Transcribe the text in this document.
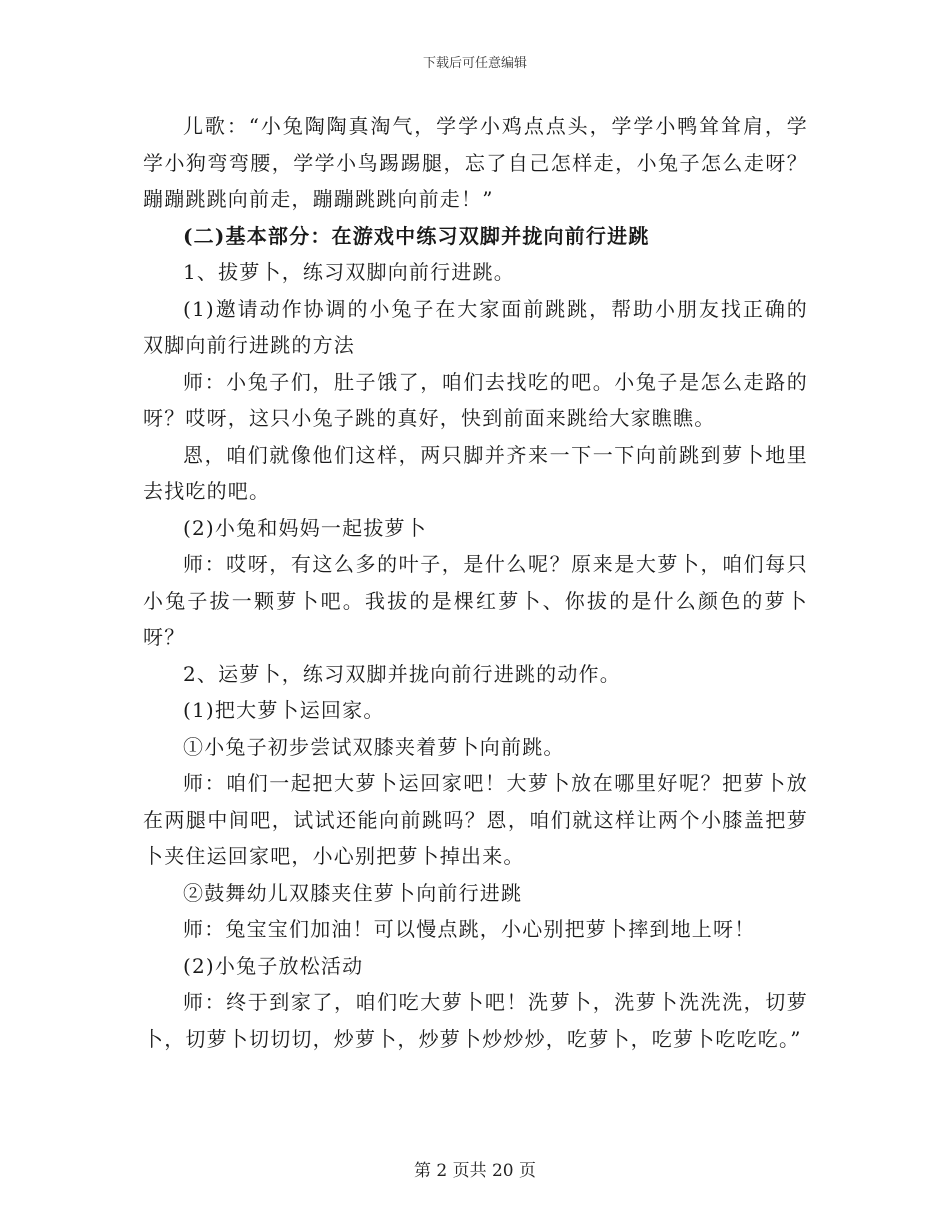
下载后可任意编辑

儿歌：“小兔陶陶真淘气，学学小鸡点点头，学学小鸭耸耸肩，学学小狗弯弯腰，学学小鸟踢踢腿，忘了自己怎样走，小兔子怎么走呀？蹦蹦跳跳向前走，蹦蹦跳跳向前走！”

(二)基本部分：在游戏中练习双脚并拢向前行进跳

1、拔萝卜，练习双脚向前行进跳。

(1)邀请动作协调的小兔子在大家面前跳跳，帮助小朋友找正确的双脚向前行进跳的方法

师：小兔子们，肚子饿了，咱们去找吃的吧。小兔子是怎么走路的呀？哎呀，这只小兔子跳的真好，快到前面来跳给大家瞧瞧。

恩，咱们就像他们这样，两只脚并齐来一下一下向前跳到萝卜地里去找吃的吧。

(2)小兔和妈妈一起拔萝卜

师：哎呀，有这么多的叶子，是什么呢？原来是大萝卜，咱们每只小兔子拔一颗萝卜吧。我拔的是棵红萝卜、你拔的是什么颜色的萝卜呀？

2、运萝卜，练习双脚并拢向前行进跳的动作。

(1)把大萝卜运回家。

①小兔子初步尝试双膝夹着萝卜向前跳。

师：咱们一起把大萝卜运回家吧！大萝卜放在哪里好呢？把萝卜放在两腿中间吧，试试还能向前跳吗？恩，咱们就这样让两个小膝盖把萝卜夹住运回家吧，小心别把萝卜掉出来。

②鼓舞幼儿双膝夹住萝卜向前行进跳

师：兔宝宝们加油！可以慢点跳，小心别把萝卜摔到地上呀！

(2)小兔子放松活动

师：终于到家了，咱们吃大萝卜吧！洗萝卜，洗萝卜洗洗洗，切萝卜，切萝卜切切切，炒萝卜，炒萝卜炒炒炒，吃萝卜，吃萝卜吃吃吃。”

第 2 页共 20 页
